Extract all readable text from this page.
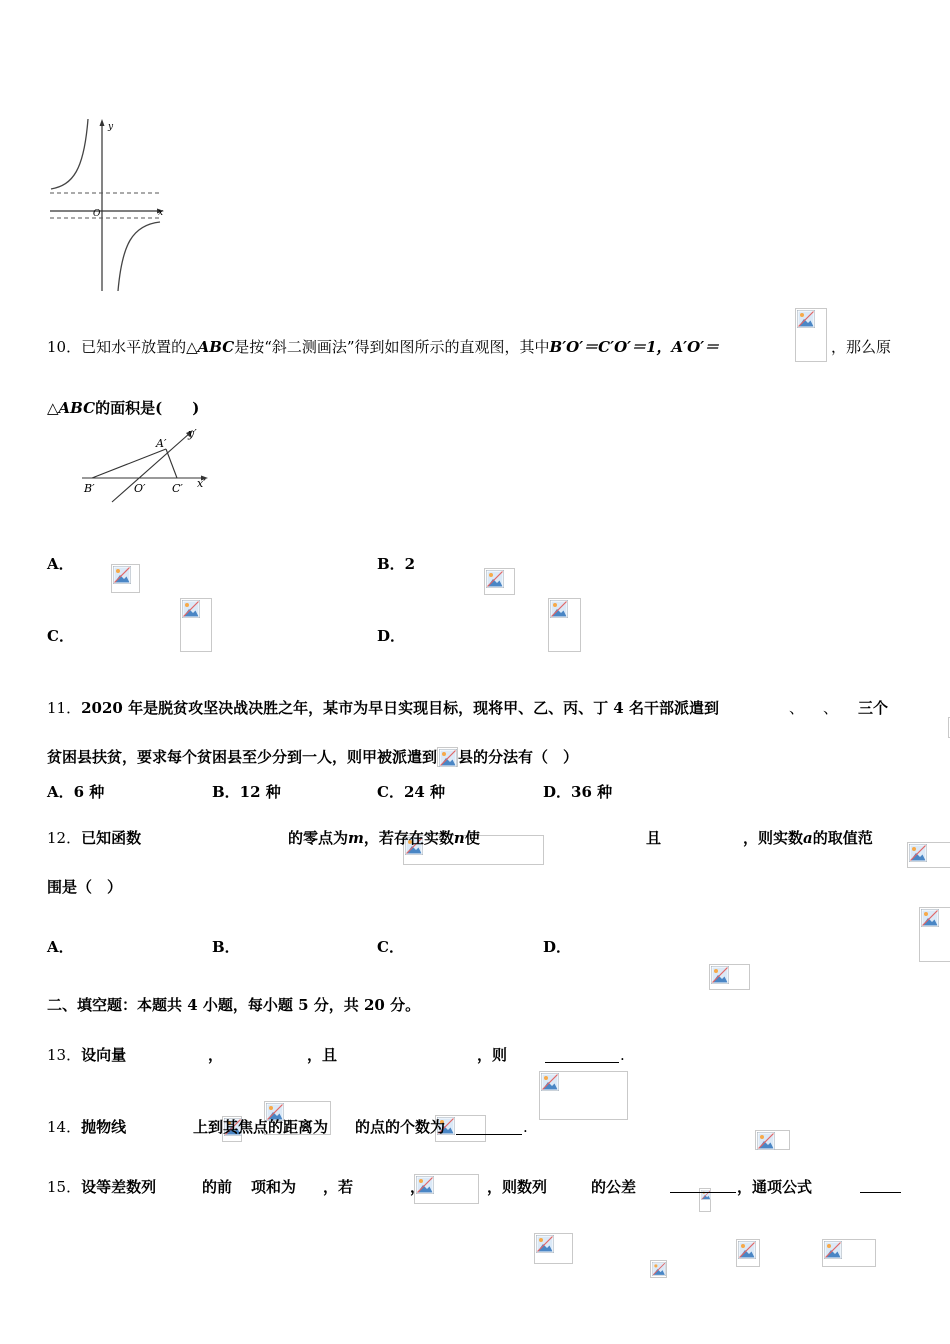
y
x
O
10．已知水平放置的△ABC是按“斜二测画法”得到如图所示的直观图，其中B′O′＝C′O′＝1，A′O′＝
	，那么原
△ABC的面积是(　　)
A′
y′
B′	O′ C′ x′
A．
	B．2

C．
	D．

11．2020 年是脱贫攻坚决战决胜之年，某市为早日实现目标，现将甲、乙、丙、丁 4 名干部派遣到
	、
、
三个
贫困县扶贫，要求每个贫困县至少分到一人，则甲被派遣到 县的分法有（　）
A．6 种	B．12 种	C．24 种	D．36 种
12．已知函数
	的零点为m，若存在实数n使
	且
	，则实数a的取值范
围是（　）
A．
	B．
	C．
	D．

二、填空题：本题共 4 小题，每小题 5 分，共 20 分。
13．设向量

	，

	，且

	，则
	.
14．抛物线
	上到其焦点的距离为
的点的个数为	.
15．设等差数列
	的前
项和为
，若
	，
	，则数列
	的公差
	，通项公式
